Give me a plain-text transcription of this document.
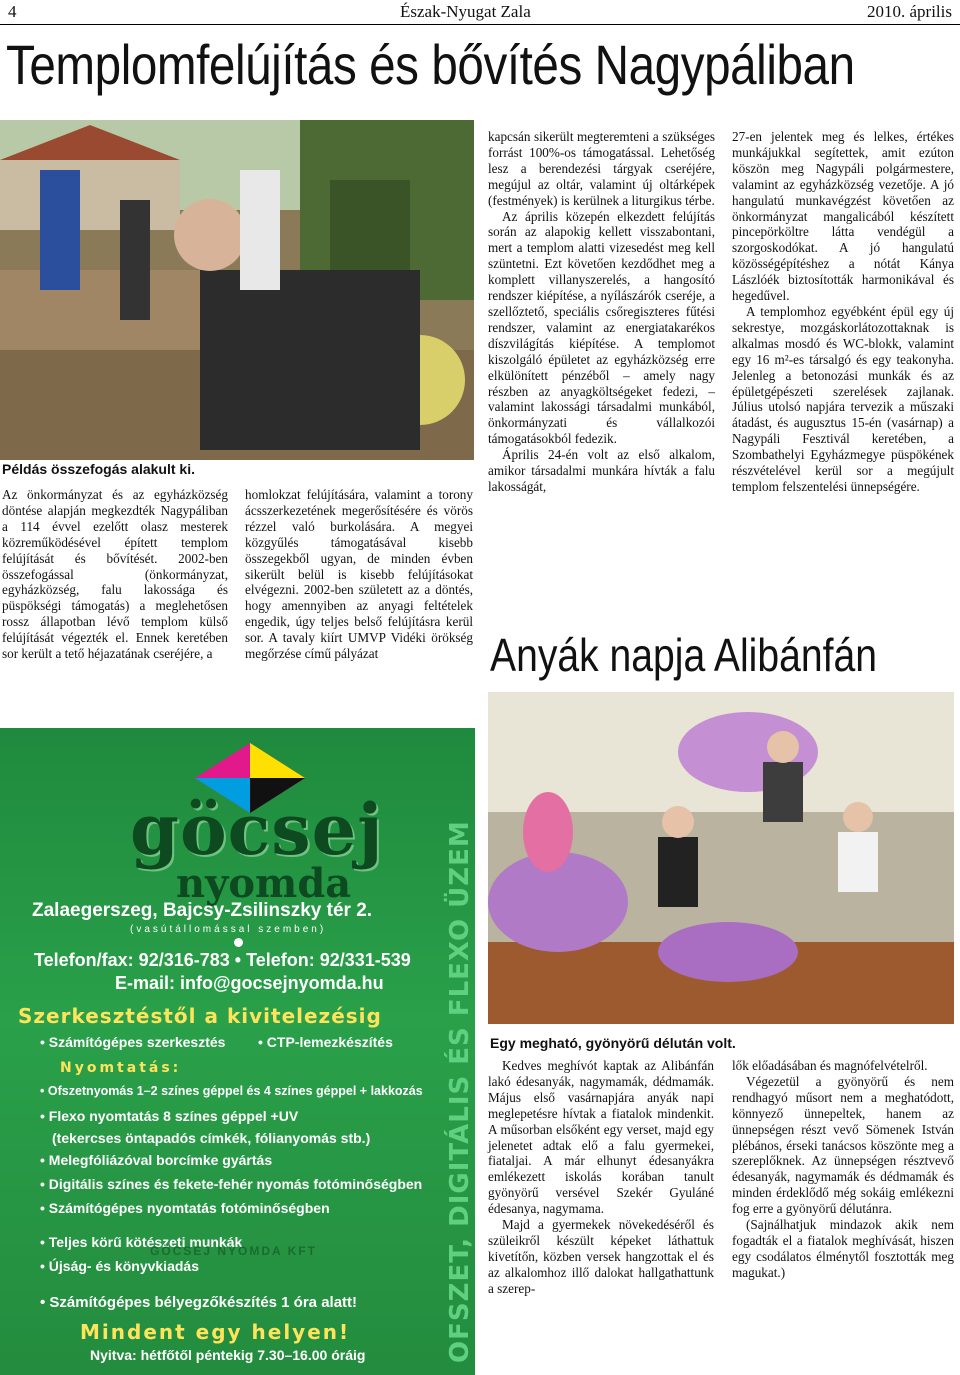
4	Észak-Nyugat Zala	2010. április
Templomfelújítás és bővítés Nagypáliban
Példás összefogás alakult ki.

Az önkormányzat és az egyházközség döntése alapján megkezdték Nagypáliban a 114 évvel ezelőtt olasz mesterek közreműködésével épített templom felújítását és bővítését. 2002-ben összefogással (önkormányzat, egyházközség, falu lakossága és püspökségi támogatás) a meglehetősen rossz állapotban lévő templom külső felújítását végezték el. Ennek keretében sor került a tető héjazatának cseréjére, a

homlokzat felújítására, valamint a torony ácsszerkezetének megerősítésére és vörös rézzel való burkolására. A megyei közgyűlés támogatásával kisebb összegekből ugyan, de minden évben sikerült belül is kisebb felújításokat elvégezni. 2002-ben született az a döntés, hogy amennyiben az anyagi feltételek engedik, úgy teljes belső felújításra kerül sor. A tavaly kiírt UMVP Vidéki örökség megőrzése című pályázat

kapcsán sikerült megteremteni a szükséges forrást 100%-os támogatással. Lehetőség lesz a berendezési tárgyak cseréjére, megújul az oltár, valamint új oltárképek (festmények) is kerülnek a liturgikus térbe.

Az április közepén elkezdett felújítás során az alapokig kellett visszabontani, mert a templom alatti vizesedést meg kell szüntetni. Ezt követően kezdődhet meg a komplett villanyszerelés, a hangosító rendszer kiépítése, a nyílászárók cseréje, a szellőztető, speciális csőregiszteres fűtési rendszer, valamint az energiatakarékos díszvilágítás kiépítése. A templomot kiszolgáló épületet az egyházközség erre elkülönített pénzéből – amely nagy részben az anyagköltségeket fedezi, – valamint lakossági társadalmi munkából, önkormányzati és vállalkozói támogatásokból fedezik.

Április 24-én volt az első alkalom, amikor társadalmi munkára hívták a falu lakosságát,

27-en jelentek meg és lelkes, értékes munkájukkal segítettek, amit ezúton köszön meg Nagypáli polgármestere, valamint az egyházközség vezetője. A jó hangulatú munkavégzést követően az önkormányzat mangalicából készített pincepörköltre látta vendégül a szorgoskodókat. A jó hangulatú közösségépítéshez a nótát Kánya Lászlóék biztosították harmonikával és hegedűvel.

A templomhoz egyébként épül egy új sekrestye, mozgáskorlátozottaknak is alkalmas mosdó és WC-blokk, valamint egy 16 m²-es társalgó és egy teakonyha. Jelenleg a betonozási munkák és az épületgépészeti szerelések zajlanak. Július utolsó napjára tervezik a műszaki átadást, és augusztus 15-én (vasárnap) a Nagypáli Fesztivál keretében, a Szombathelyi Egyházmegye püspökének részvételével kerül sor a megújult templom felszentelési ünnepségére.

Anyák napja Alibánfán
Egy megható, gyönyörű délután volt.

Kedves meghívót kaptak az Alibánfán lakó édesanyák, nagymamák, dédmamák. Május első vasárnapjára anyák napi meglepetésre hívtak a fiatalok mindenkit. A műsorban elsőként egy verset, majd egy jelenetet adtak elő a falu gyermekei, fiataljai. A már elhunyt édesanyákra emlékezett iskolás korában tanult gyönyörű versével Szekér Gyuláné édesanya, nagymama.

Majd a gyermekek növekedéséről és szüleikről készült képeket láthattuk kivetítőn, közben versek hangzottak el és az alkalomhoz illő dalokat hallgathattunk a szerep-

lők előadásában és magnófelvételről.

Végezetül a gyönyörű és nem rendhagyó műsort nem a meghatódott, könnyező ünnepeltek, hanem az ünnepségen részt vevő Sömenek István plébános, érseki tanácsos köszönte meg a szereplőknek. Az ünnepségen résztvevő édesanyák, nagymamák és dédmamák és minden érdeklődő még sokáig emlékezni fog erre a gyönyörű délutánra.

(Sajnálhatjuk mindazok akik nem fogadták el a fiatalok meghívását, hiszen egy csodálatos élménytől fosztották meg magukat.)

göcsej
nyomda
Zalaegerszeg, Bajcsy-Zsilinszky tér 2.
(vasútállomással szemben)
Telefon/fax: 92/316-783 • Telefon: 92/331-539
E-mail: info@gocsejnyomda.hu
Szerkesztéstől a kivitelezésig
• Számítógépes szerkesztés
•	CTP-lemezkészítés
Nyomtatás:
• Ofszetnyomás 1–2 színes géppel és 4 színes géppel + lakkozás
• Flexo nyomtatás 8 színes géppel +UV
(tekercses öntapadós címkék, fólianyomás stb.)
• Melegfóliázóval borcímke gyártás
• Digitális színes és fekete-fehér nyomás fotóminőségben
• Számítógépes nyomtatás fotóminőségben
• Teljes körű kötészeti munkák
• Újság- és könyvkiadás
GÖCSEJ NYOMDA KFT
• Számítógépes bélyegzőkészítés 1 óra alatt!
Mindent egy helyen!
Nyitva: hétfőtől péntekig 7.30–16.00 óráig	OFSZET, DIGITÁLIS ÉS FLEXO ÜZEM
